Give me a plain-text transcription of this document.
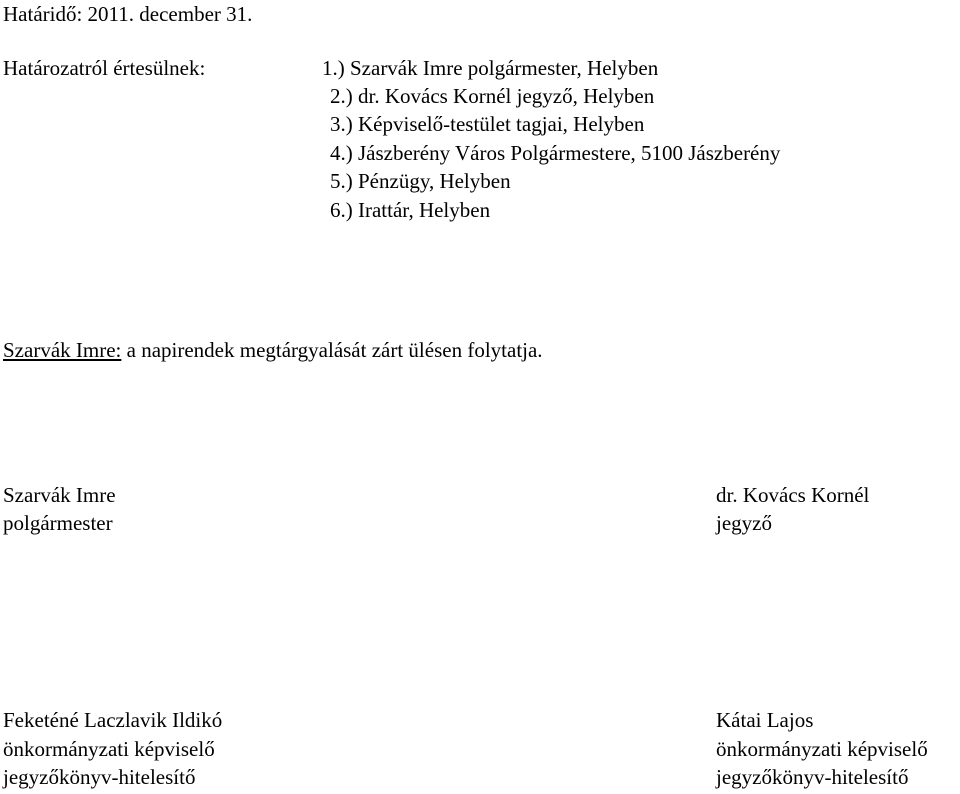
Határidő: 2011. december 31.
Határozatról értesülnek:	1.) Szarvák Imre polgármester, Helyben
2.) dr. Kovács Kornél jegyző, Helyben
3.) Képviselő-testület tagjai, Helyben
4.) Jászberény Város Polgármestere, 5100 Jászberény
5.) Pénzügy, Helyben
6.) Irattár, Helyben
Szarvák Imre: a napirendek megtárgyalását zárt ülésen folytatja.
Szarvák Imre
polgármester
dr. Kovács Kornél
jegyző
Feketéné Laczlavik Ildikó
önkormányzati képviselő
jegyzőkönyv-hitelesítő
Kátai Lajos
önkormányzati képviselő
jegyzőkönyv-hitelesítő
